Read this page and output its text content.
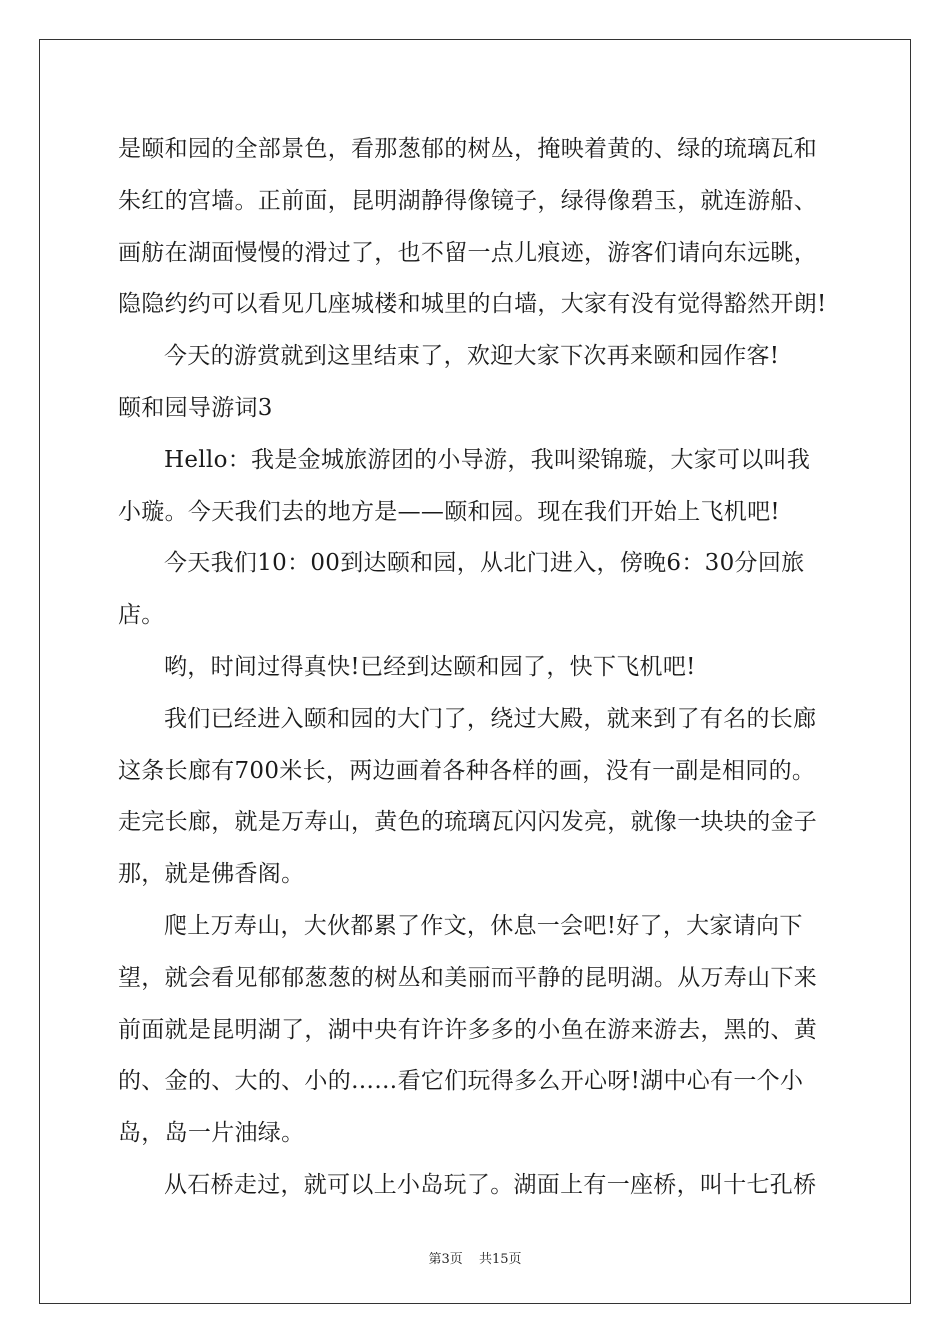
是颐和园的全部景色，看那葱郁的树丛，掩映着黄的、绿的琉璃瓦和
朱红的宫墙。正前面，昆明湖静得像镜子，绿得像碧玉，就连游船、
画舫在湖面慢慢的滑过了，也不留一点儿痕迹，游客们请向东远眺，
隐隐约约可以看见几座城楼和城里的白墙，大家有没有觉得豁然开朗!
今天的游赏就到这里结束了，欢迎大家下次再来颐和园作客!
颐和园导游词3
Hello：我是金城旅游团的小导游，我叫梁锦璇，大家可以叫我
小璇。今天我们去的地方是——颐和园。现在我们开始上飞机吧!
今天我们10：00到达颐和园，从北门进入，傍晚6：30分回旅
店。
哟，时间过得真快!已经到达颐和园了，快下飞机吧!
我们已经进入颐和园的大门了，绕过大殿，就来到了有名的长廊
这条长廊有700米长，两边画着各种各样的画，没有一副是相同的。
走完长廊，就是万寿山，黄色的琉璃瓦闪闪发亮，就像一块块的金子
那，就是佛香阁。
爬上万寿山，大伙都累了作文，休息一会吧!好了，大家请向下
望，就会看见郁郁葱葱的树丛和美丽而平静的昆明湖。从万寿山下来
前面就是昆明湖了，湖中央有许许多多的小鱼在游来游去，黑的、黄
的、金的、大的、小的……看它们玩得多么开心呀!湖中心有一个小
岛，岛一片油绿。
从石桥走过，就可以上小岛玩了。湖面上有一座桥，叫十七孔桥
第3页 共15页
